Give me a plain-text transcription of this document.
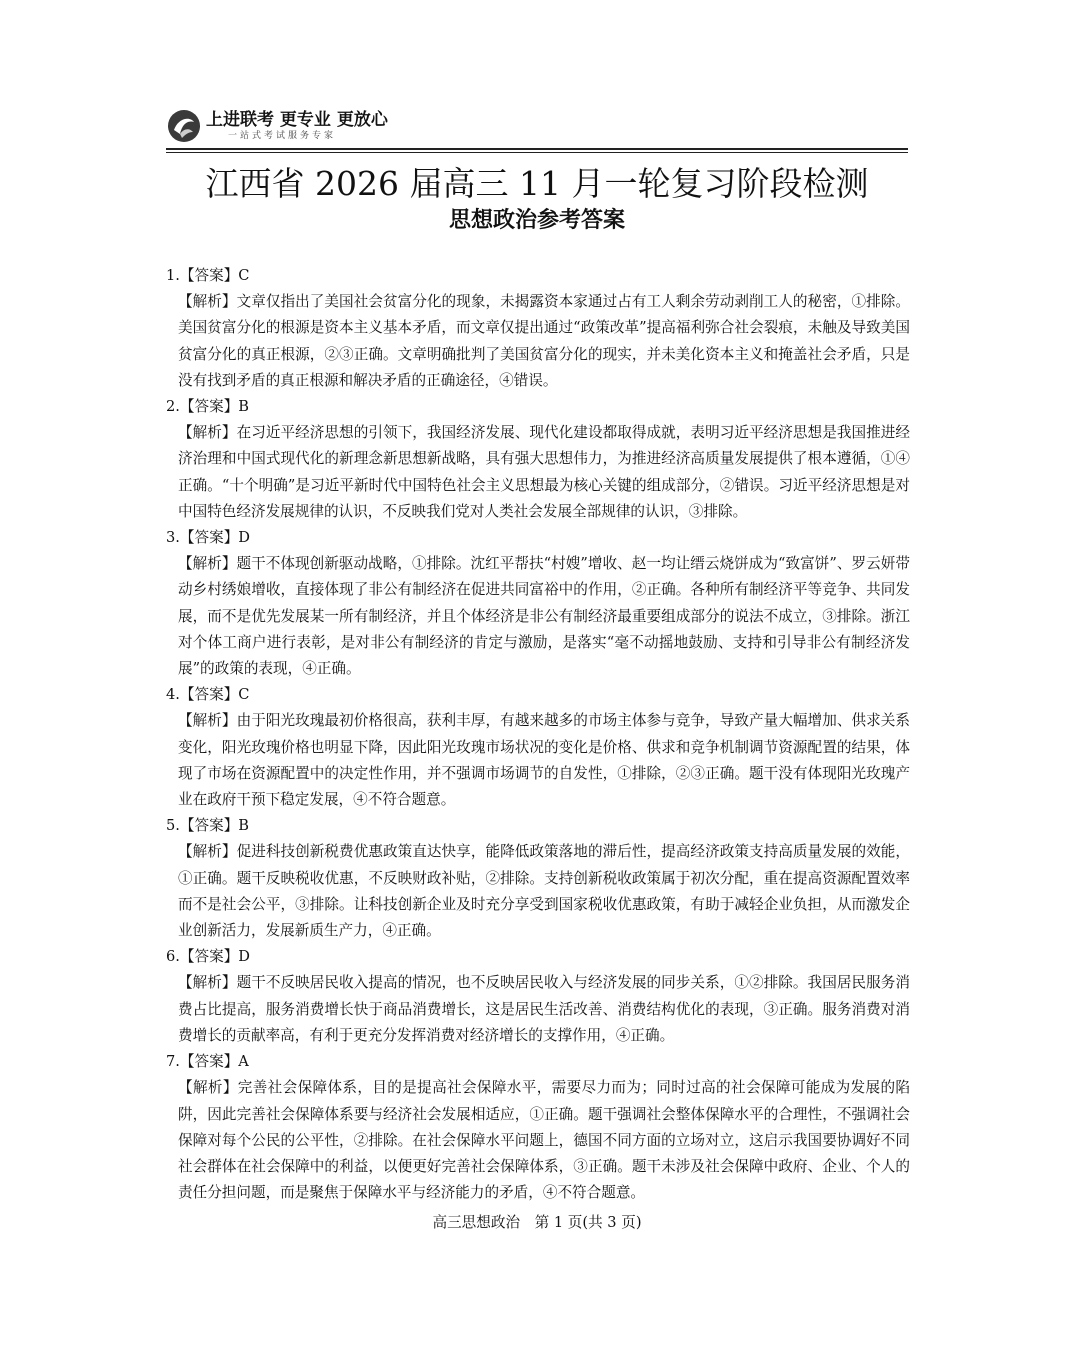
上进联考 更专业 更放心
一站式考试服务专家
江西省 2026 届高三 11 月一轮复习阶段检测
思想政治参考答案
1.【答案】C
【解析】文章仅指出了美国社会贫富分化的现象，未揭露资本家通过占有工人剩余劳动剥削工人的秘密，①排除。美国贫富分化的根源是资本主义基本矛盾，而文章仅提出通过“政策改革”提高福利弥合社会裂痕，未触及导致美国贫富分化的真正根源，②③正确。文章明确批判了美国贫富分化的现实，并未美化资本主义和掩盖社会矛盾，只是没有找到矛盾的真正根源和解决矛盾的正确途径，④错误。
2.【答案】B
【解析】在习近平经济思想的引领下，我国经济发展、现代化建设都取得成就，表明习近平经济思想是我国推进经济治理和中国式现代化的新理念新思想新战略，具有强大思想伟力，为推进经济高质量发展提供了根本遵循，①④正确。“十个明确”是习近平新时代中国特色社会主义思想最为核心关键的组成部分，②错误。习近平经济思想是对中国特色经济发展规律的认识，不反映我们党对人类社会发展全部规律的认识，③排除。
3.【答案】D
【解析】题干不体现创新驱动战略，①排除。沈红平帮扶“村嫂”增收、赵一均让缙云烧饼成为“致富饼”、罗云妍带动乡村绣娘增收，直接体现了非公有制经济在促进共同富裕中的作用，②正确。各种所有制经济平等竞争、共同发展，而不是优先发展某一所有制经济，并且个体经济是非公有制经济最重要组成部分的说法不成立，③排除。浙江对个体工商户进行表彰，是对非公有制经济的肯定与激励，是落实“毫不动摇地鼓励、支持和引导非公有制经济发展”的政策的表现，④正确。
4.【答案】C
【解析】由于阳光玫瑰最初价格很高，获利丰厚，有越来越多的市场主体参与竞争，导致产量大幅增加、供求关系变化，阳光玫瑰价格也明显下降，因此阳光玫瑰市场状况的变化是价格、供求和竞争机制调节资源配置的结果，体现了市场在资源配置中的决定性作用，并不强调市场调节的自发性，①排除，②③正确。题干没有体现阳光玫瑰产业在政府干预下稳定发展，④不符合题意。
5.【答案】B
【解析】促进科技创新税费优惠政策直达快享，能降低政策落地的滞后性，提高经济政策支持高质量发展的效能，①正确。题干反映税收优惠，不反映财政补贴，②排除。支持创新税收政策属于初次分配，重在提高资源配置效率而不是社会公平，③排除。让科技创新企业及时充分享受到国家税收优惠政策，有助于减轻企业负担，从而激发企业创新活力，发展新质生产力，④正确。
6.【答案】D
【解析】题干不反映居民收入提高的情况，也不反映居民收入与经济发展的同步关系，①②排除。我国居民服务消费占比提高，服务消费增长快于商品消费增长，这是居民生活改善、消费结构优化的表现，③正确。服务消费对消费增长的贡献率高，有利于更充分发挥消费对经济增长的支撑作用，④正确。
7.【答案】A
【解析】完善社会保障体系，目的是提高社会保障水平，需要尽力而为；同时过高的社会保障可能成为发展的陷阱，因此完善社会保障体系要与经济社会发展相适应，①正确。题干强调社会整体保障水平的合理性，不强调社会保障对每个公民的公平性，②排除。在社会保障水平问题上，德国不同方面的立场对立，这启示我国要协调好不同社会群体在社会保障中的利益，以便更好完善社会保障体系，③正确。题干未涉及社会保障中政府、企业、个人的责任分担问题，而是聚焦于保障水平与经济能力的矛盾，④不符合题意。
高三思想政治　第 1 页(共 3 页)
